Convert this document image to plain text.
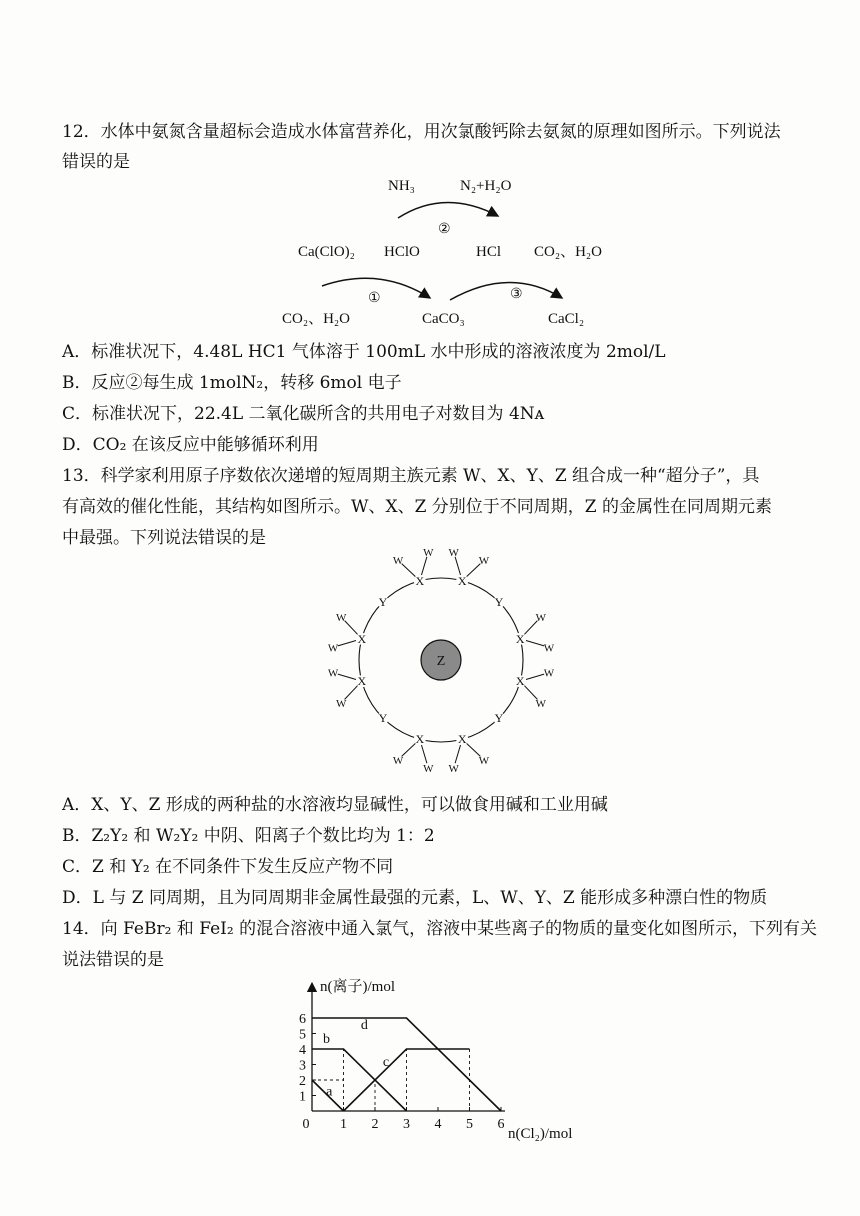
12．水体中氨氮含量超标会造成水体富营养化，用次氯酸钙除去氨氮的原理如图所示。下列说法
错误的是
NH₃	N₂+H₂O
②
Ca(ClO)₂ HClO	HCl CO₂、H₂O
①	③
CO₂、H₂O	CaCO₃	CaCl₂
A．标准状况下，4.48L HC1 气体溶于 100mL 水中形成的溶液浓度为 2mol/L
B．反应②每生成 1molN₂，转移 6mol 电子
C．标准状况下，22.4L 二氧化碳所含的共用电子对数目为 4Nᴀ
D．CO₂ 在该反应中能够循环利用
13．科学家利用原子序数依次递增的短周期主族元素 W、X、Y、Z 组合成一种“超分子”，具
有高效的催化性能，其结构如图所示。W、X、Z 分别位于不同周期，Z 的金属性在同周期元素
中最强。下列说法错误的是
Z
W
W
X
Y
W
W
X
W
W
X
Y
W
W
X
W
W
X
Y
W
W
X
W
W
X
Y
W
W
X
A．X、Y、Z 形成的两种盐的水溶液均显碱性，可以做食用碱和工业用碱
B．Z₂Y₂ 和 W₂Y₂ 中阴、阳离子个数比均为 1：2
C．Z 和 Y₂ 在不同条件下发生反应产物不同
D．L 与 Z 同周期，且为同周期非金属性最强的元素，L、W、Y、Z 能形成多种漂白性的物质
14．向 FeBr₂ 和 FeI₂ 的混合溶液中通入氯气，溶液中某些离子的物质的量变化如图所示，下列有关
说法错误的是
n(离子)/mol
n(Cl₂)/mol
0 1 2 3 4 5 6
1
2
3
4
5
6
a
b
c
d
